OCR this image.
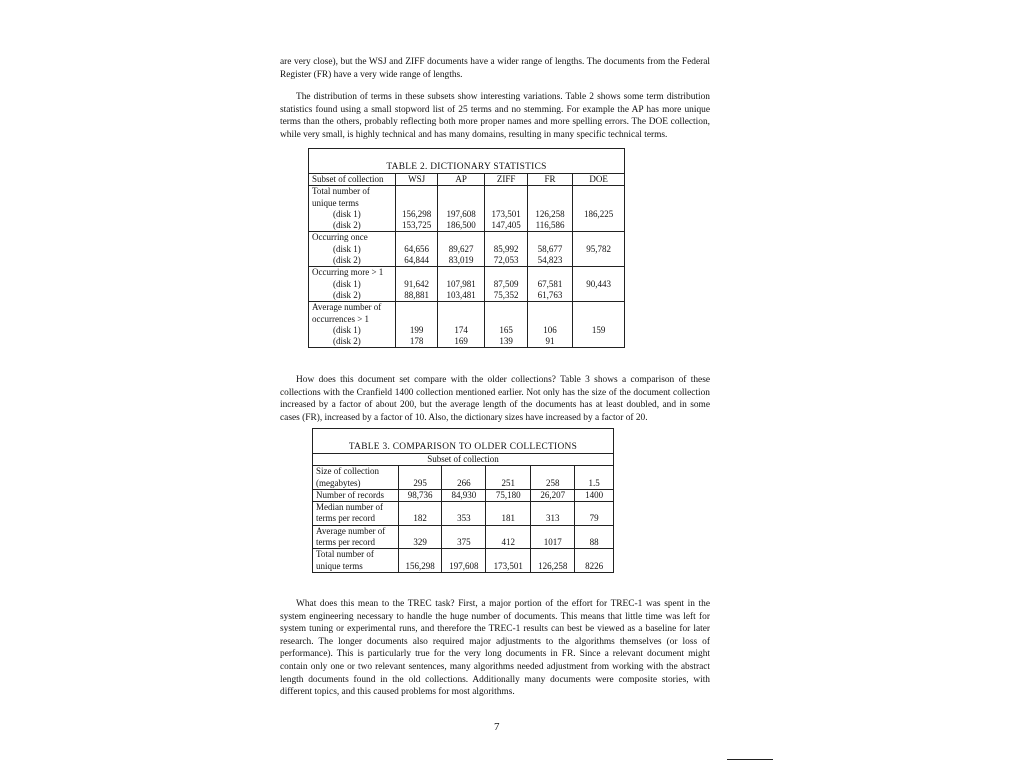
are very close), but the WSJ and ZIFF documents have a wider range of lengths. The documents from the Federal Register (FR) have a very wide range of lengths.

The distribution of terms in these subsets show interesting variations. Table 2 shows some term distribution statistics found using a small stopword list of 25 terms and no stemming. For example the AP has more unique terms than the others, probably reflecting both more proper names and more spelling errors. The DOE collection, while very small, is highly technical and has many domains, resulting in many specific technical terms.

TABLE 2. DICTIONARY STATISTICS
Subset of collection	WSJ	AP	ZIFF	FR	DOE
Total number of					
unique terms					
(disk 1)	156,298	197,608	173,501	126,258	186,225
(disk 2)	153,725	186,500	147,405	116,586	
Occurring once					
(disk 1)	64,656	89,627	85,992	58,677	95,782
(disk 2)	64,844	83,019	72,053	54,823	
Occurring more > 1					
(disk 1)	91,642	107,981	87,509	67,581	90,443
(disk 2)	88,881	103,481	75,352	61,763	
Average number of					
occurrences > 1					
(disk 1)	199	174	165	106	159
(disk 2)	178	169	139	91	

How does this document set compare with the older collections? Table 3 shows a comparison of these collections with the Cranfield 1400 collection mentioned earlier. Not only has the size of the document collection increased by a factor of about 200, but the average length of the documents has at least doubled, and in some cases (FR), increased by a factor of 10. Also, the dictionary sizes have increased by a factor of 20.

TABLE 3. COMPARISON TO OLDER COLLECTIONS
Subset of collection					
Size of collection					
(megabytes)	295	266	251	258	1.5
Number of records	98,736	84,930	75,180	26,207	1400
Median number of					
terms per record	182	353	181	313	79
Average number of					
terms per record	329	375	412	1017	88
Total number of					
unique terms	156,298	197,608	173,501	126,258	8226

What does this mean to the TREC task? First, a major portion of the effort for TREC-1 was spent in the system engineering necessary to handle the huge number of documents. This means that little time was left for system tuning or experimental runs, and therefore the TREC-1 results can best be viewed as a baseline for later research. The longer documents also required major adjustments to the algorithms themselves (or loss of performance). This is particularly true for the very long documents in FR. Since a relevant document might contain only one or two relevant sentences, many algorithms needed adjustment from working with the abstract length documents found in the old collections. Additionally many documents were composite stories, with different topics, and this caused problems for most algorithms.

7
